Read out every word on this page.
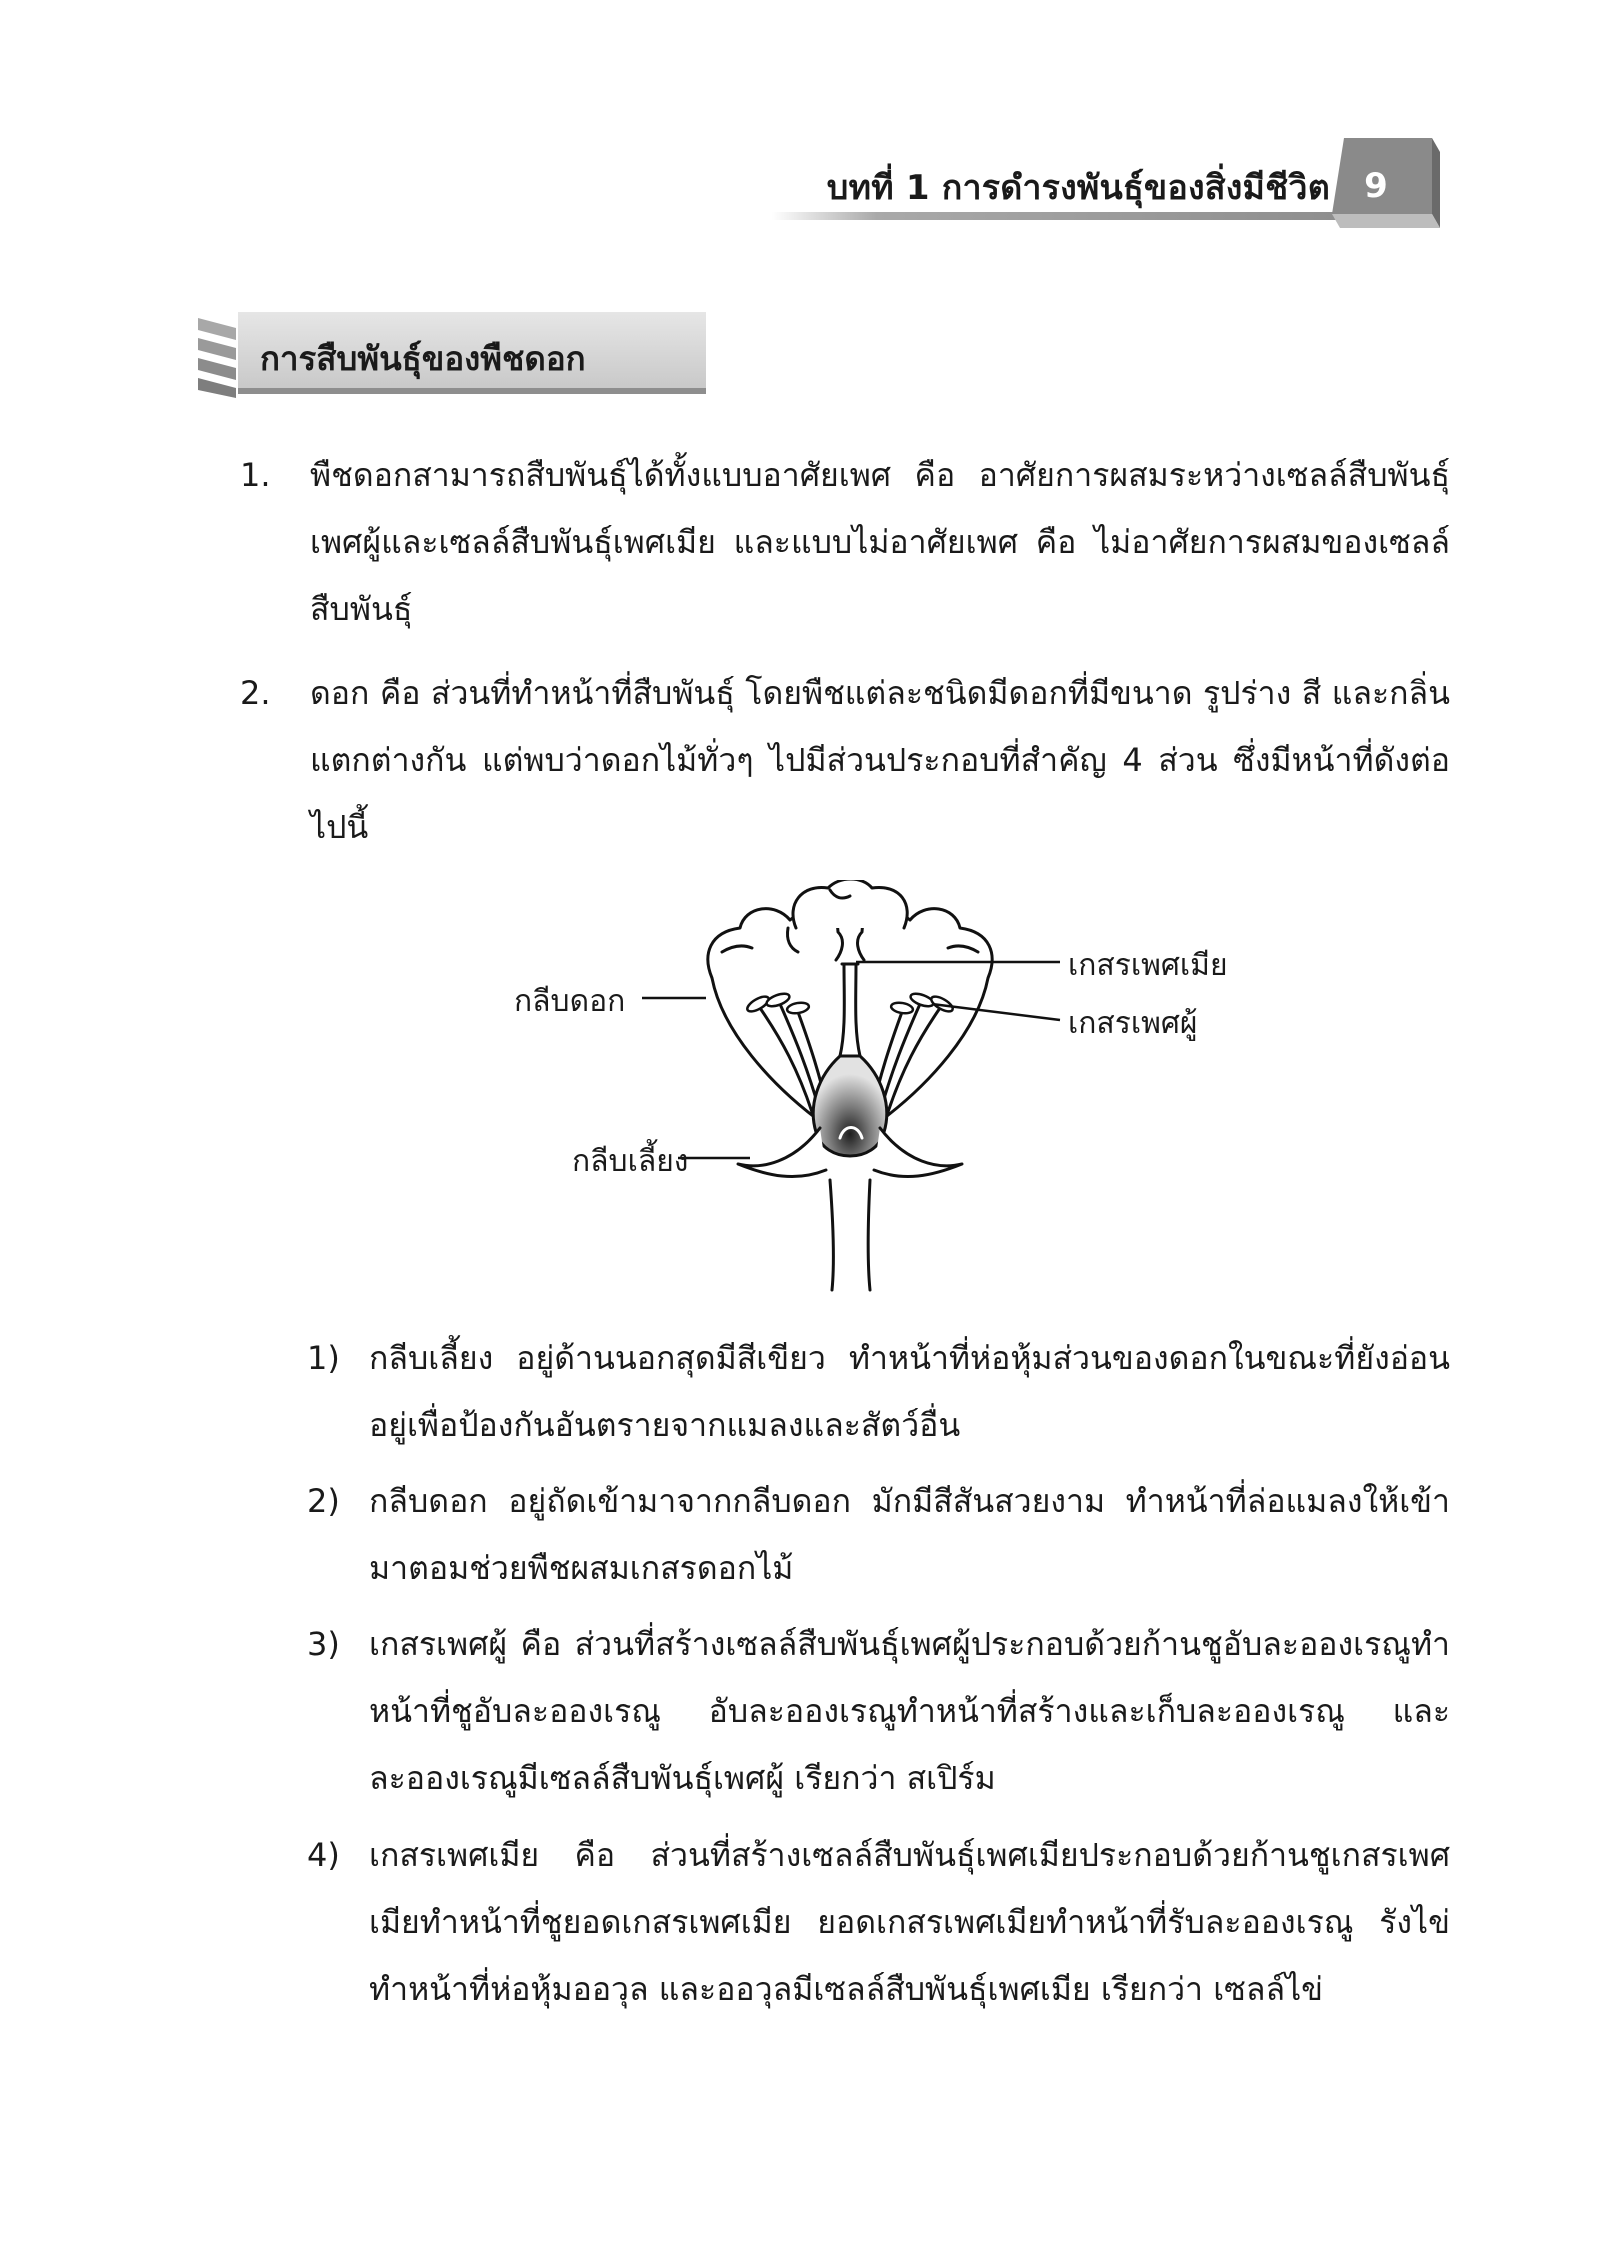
บทที่ 1 การดำรงพันธุ์ของสิ่งมีชีวิต	9
การสืบพันธุ์ของพืชดอก
1. พืชดอกสามารถสืบพันธุ์ได้ทั้งแบบอาศัยเพศ คือ อาศัยการผสมระหว่างเซลล์สืบพันธุ์เพศผู้และเซลล์สืบพันธุ์เพศเมีย และแบบไม่อาศัยเพศ คือ ไม่อาศัยการผสมของเซลล์สืบพันธุ์
2. ดอก คือ ส่วนที่ทำหน้าที่สืบพันธุ์ โดยพืชแต่ละชนิดมีดอกที่มีขนาด รูปร่าง สี และกลิ่นแตกต่างกัน แต่พบว่าดอกไม้ทั่วๆ ไปมีส่วนประกอบที่สำคัญ 4 ส่วน ซึ่งมีหน้าที่ดังต่อไปนี้
กลีบดอก
กลีบเลี้ยง
เกสรเพศเมีย
เกสรเพศผู้
1) กลีบเลี้ยง อยู่ด้านนอกสุดมีสีเขียว ทำหน้าที่ห่อหุ้มส่วนของดอกในขณะที่ยังอ่อนอยู่เพื่อป้องกันอันตรายจากแมลงและสัตว์อื่น
2) กลีบดอก อยู่ถัดเข้ามาจากกลีบดอก มักมีสีสันสวยงาม ทำหน้าที่ล่อแมลงให้เข้ามาตอมช่วยพืชผสมเกสรดอกไม้
3) เกสรเพศผู้ คือ ส่วนที่สร้างเซลล์สืบพันธุ์เพศผู้ประกอบด้วยก้านชูอับละอองเรณูทำหน้าที่ชูอับละอองเรณู อับละอองเรณูทำหน้าที่สร้างและเก็บละอองเรณู และละอองเรณูมีเซลล์สืบพันธุ์เพศผู้ เรียกว่า สเปิร์ม
4) เกสรเพศเมีย คือ ส่วนที่สร้างเซลล์สืบพันธุ์เพศเมียประกอบด้วยก้านชูเกสรเพศเมียทำหน้าที่ชูยอดเกสรเพศเมีย ยอดเกสรเพศเมียทำหน้าที่รับละอองเรณู รังไข่ทำหน้าที่ห่อหุ้มออวุล และออวุลมีเซลล์สืบพันธุ์เพศเมีย เรียกว่า เซลล์ไข่
